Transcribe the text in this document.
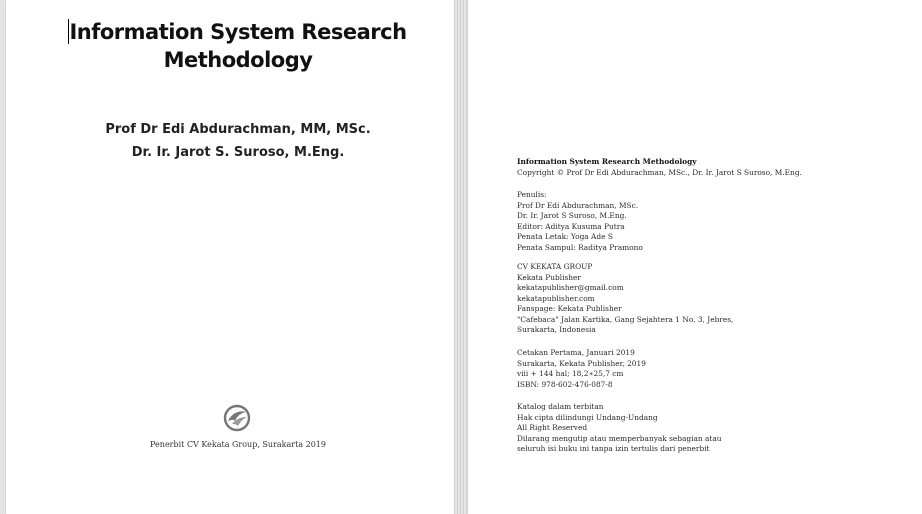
Information System Research
Methodology
Prof Dr Edi Abdurachman, MM, MSc.
Dr. Ir. Jarot S. Suroso, M.Eng.
Penerbit CV Kekata Group, Surakarta 2019
Information System Research Methodology
Copyright © Prof Dr Edi Abdurachman, MSc., Dr. Ir. Jarot S Suroso, M.Eng.
Penulis:
Prof Dr Edi Abdurachman, MSc.
Dr. Ir. Jarot S Suroso, M.Eng.
Editor: Aditya Kusuma Putra
Penata Letak: Yoga Ade S
Penata Sampul: Raditya Pramono
CV KEKATA GROUP
Kekata Publisher
kekatapublisher@gmail.com
kekatapublisher.com
Fanspage: Kekata Publisher
"Cafebaca" Jalan Kartika, Gang Sejahtera 1 No. 3, Jebres,
Surakarta, Indonesia
Cetakan Pertama, Januari 2019
Surakarta, Kekata Publisher, 2019
viii + 144 hal; 18,2∗25,7 cm
ISBN: 978-602-476-087-8
Katalog dalam terbitan
Hak cipta dilindungi Undang-Undang
All Right Reserved
Dilarang mengutip atau memperbanyak sebagian atau
seluruh isi buku ini tanpa izin tertulis dari penerbit
